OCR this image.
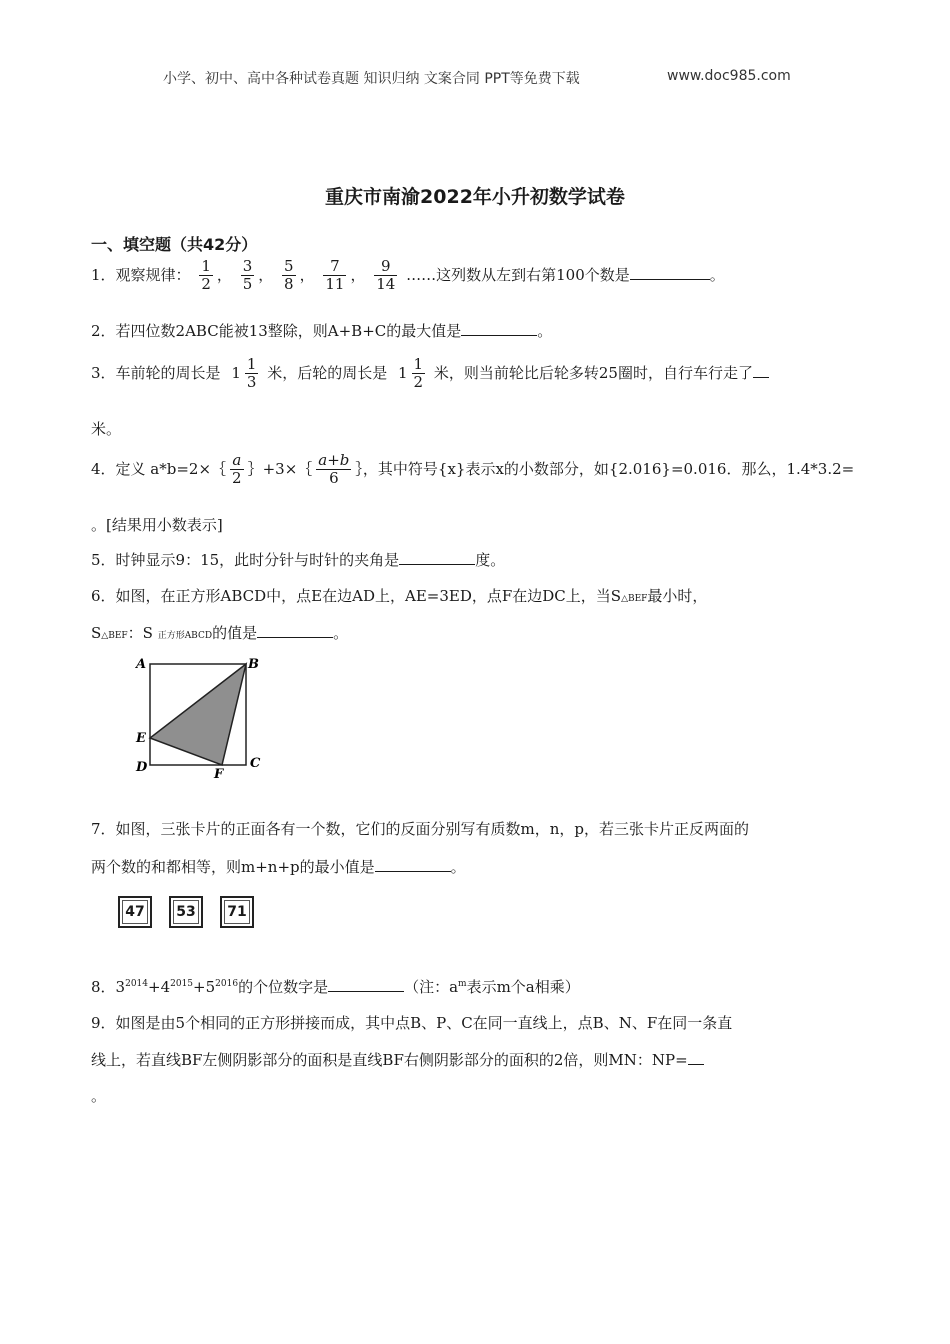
小学、初中、高中各种试卷真题 知识归纳 文案合同 PPT等免费下载	www.doc985.com
重庆市南渝2022年小升初数学试卷
一、填空题（共42分）
1．观察规律： $\frac{1}{2}$ ， $\frac{3}{5}$ ， $\frac{5}{8}$ ， $\frac{7}{11}$ ， $\frac{9}{14}$ ……这列数从左到右第100个数是	。
2．若四位数2ABC能被13整除，则A+B+C的最大值是	。
3．车前轮的周长是 $1 \frac{1}{3}$ 米，后轮的周长是 $1 \frac{1}{2}$ 米，则当前轮比后轮多转25圈时，自行车行走了
米。
4．定义 a*b=2×｛ $\frac{a}{2}$ ｝+3×｛ $\frac{a+b}{6}$ ｝，其中符号{x}表示x的小数部分，如{2.016}=0.016．那么，1.4*3.2=
。[结果用小数表示]
5．时钟显示9：15，此时分针与时针的夹角是	度。
6．如图，在正方形ABCD中，点E在边AD上，AE=3ED，点F在边DC上，当S△BEF最小时，
S△BEF：S 正方形ABCD的值是	。
A	B
E
D	F
C
7．如图，三张卡片的正面各有一个数，它们的反面分别写有质数m，n，p，若三张卡片正反两面的
两个数的和都相等，则m+n+p的最小值是	。
47	53	71
8．$3^{2014}+4^{2015}+5^{2016}$的个位数字是	（注：$a^m$表示m个a相乘）
9．如图是由5个相同的正方形拼接而成，其中点B、P、C在同一直线上，点B、N、F在同一条直
线上，若直线BF左侧阴影部分的面积是直线BF右侧阴影部分的面积的2倍，则MN：NP=
。
